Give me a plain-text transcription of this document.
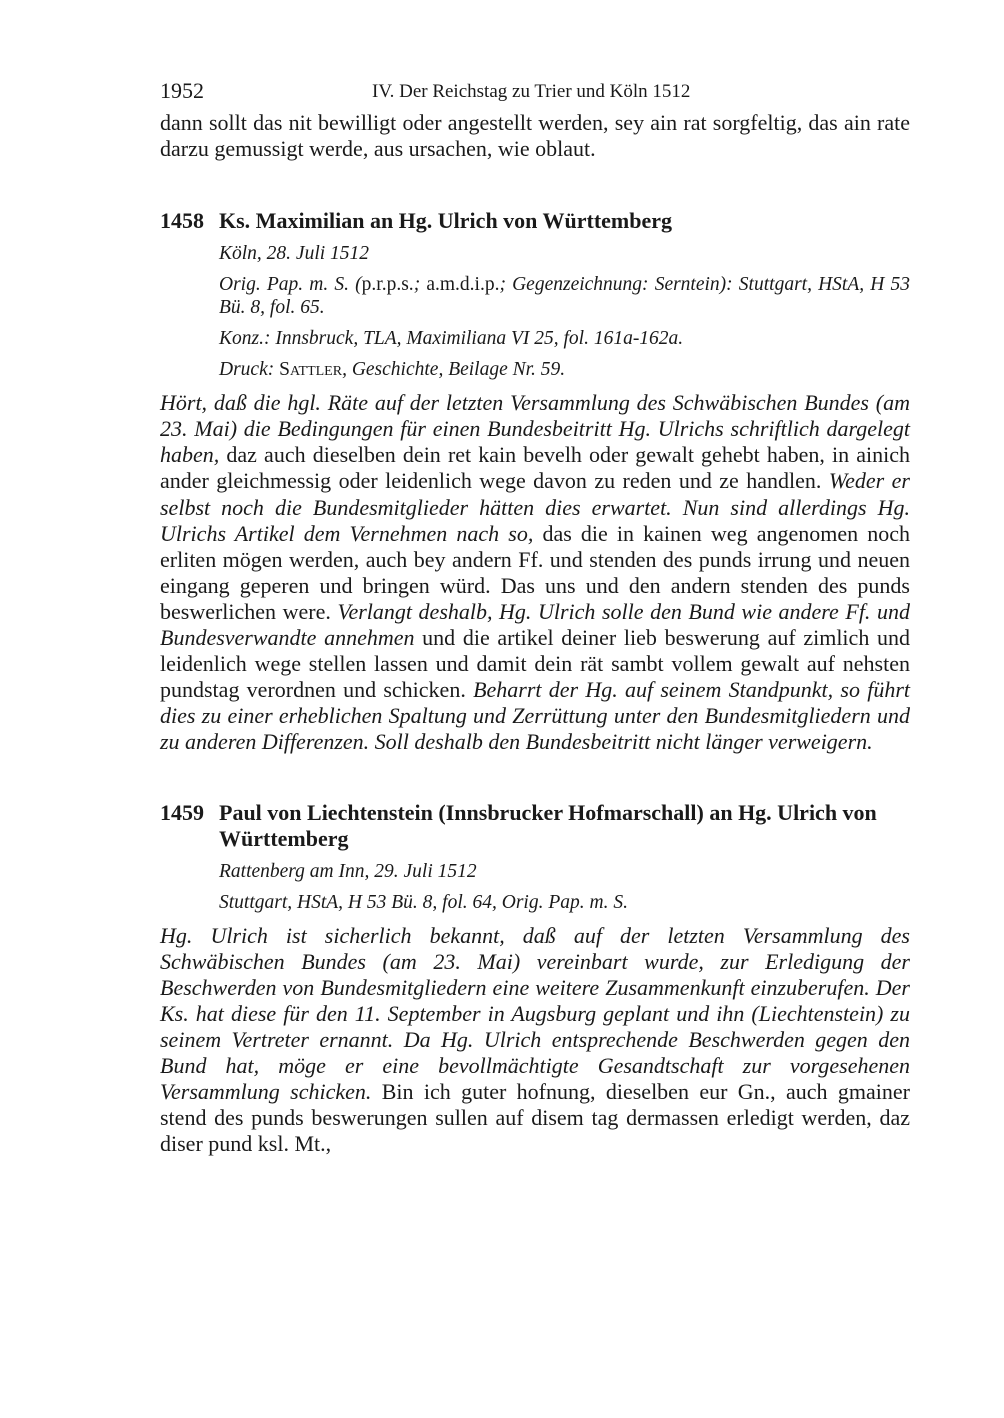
1952	IV. Der Reichstag zu Trier und Köln 1512

dann sollt das nit bewilligt oder angestellt werden, sey ain rat sorgfeltig, das ain rate darzu gemussigt werde, aus ursachen, wie oblaut.

1458 Ks. Maximilian an Hg. Ulrich von Württemberg
Köln, 28. Juli 1512
Orig. Pap. m. S. (p.r.p.s.; a.m.d.i.p.; Gegenzeichnung: Serntein): Stuttgart, HStA, H 53 Bü. 8, fol. 65.
Konz.: Innsbruck, TLA, Maximiliana VI 25, fol. 161a-162a.
Druck: Sattler, Geschichte, Beilage Nr. 59.

Hört, daß die hgl. Räte auf der letzten Versammlung des Schwäbischen Bundes (am 23. Mai) die Bedingungen für einen Bundesbeitritt Hg. Ulrichs schriftlich dargelegt haben, daz auch dieselben dein ret kain bevelh oder gewalt gehebt haben, in ainich ander gleichmessig oder leidenlich wege davon zu reden und ze handlen. Weder er selbst noch die Bundesmitglieder hätten dies erwartet. Nun sind allerdings Hg. Ulrichs Artikel dem Vernehmen nach so, das die in kainen weg angenomen noch erliten mögen werden, auch bey andern Ff. und stenden des punds irrung und neuen eingang geperen und bringen würd. Das uns und den andern stenden des punds beswerlichen were. Verlangt deshalb, Hg. Ulrich solle den Bund wie andere Ff. und Bundesverwandte annehmen und die artikel deiner lieb beswerung auf zimlich und leidenlich wege stellen lassen und damit dein rät sambt vollem gewalt auf nehsten pundstag verordnen und schicken. Beharrt der Hg. auf seinem Standpunkt, so führt dies zu einer erheblichen Spaltung und Zerrüttung unter den Bundesmitgliedern und zu anderen Differenzen. Soll deshalb den Bundesbeitritt nicht länger verweigern.

1459 Paul von Liechtenstein (Innsbrucker Hofmarschall) an Hg. Ulrich von Württemberg
Rattenberg am Inn, 29. Juli 1512
Stuttgart, HStA, H 53 Bü. 8, fol. 64, Orig. Pap. m. S.

Hg. Ulrich ist sicherlich bekannt, daß auf der letzten Versammlung des Schwäbischen Bundes (am 23. Mai) vereinbart wurde, zur Erledigung der Beschwerden von Bundesmitgliedern eine weitere Zusammenkunft einzuberufen. Der Ks. hat diese für den 11. September in Augsburg geplant und ihn (Liechtenstein) zu seinem Vertreter ernannt. Da Hg. Ulrich entsprechende Beschwerden gegen den Bund hat, möge er eine bevollmächtigte Gesandtschaft zur vorgesehenen Versammlung schicken. Bin ich guter hofnung, dieselben eur Gn., auch gmainer stend des punds beswerungen sullen auf disem tag dermassen erledigt werden, daz diser pund ksl. Mt.,
